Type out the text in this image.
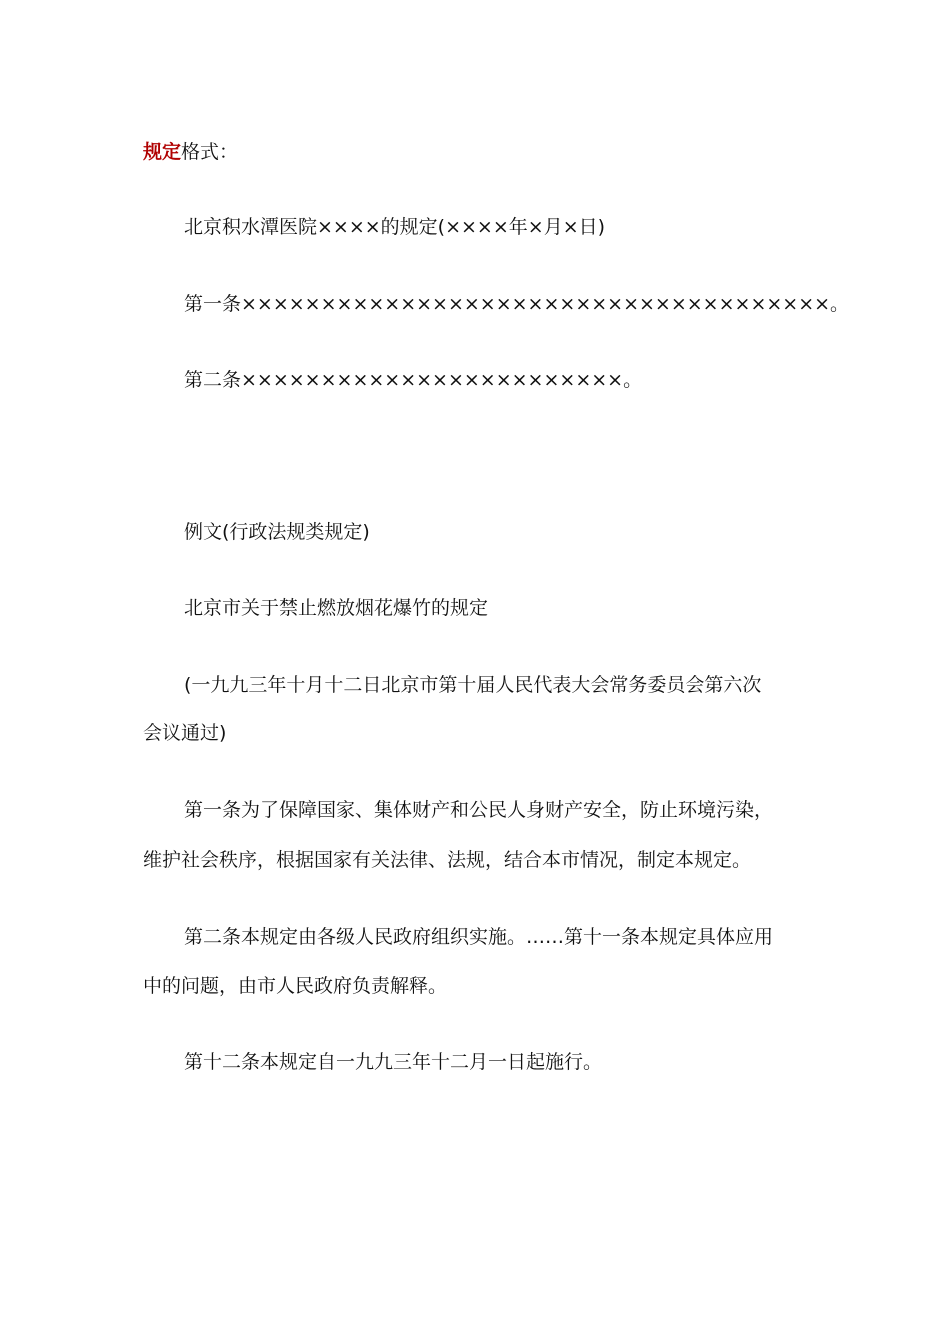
规定格式：
北京积水潭医院××××的规定(××××年×月×日)
第一条×××××××××××××××××××××××××××××××××××××。
第二条××××××××××××××××××××××××。
例文(行政法规类规定)
北京市关于禁止燃放烟花爆竹的规定
(一九九三年十月十二日北京市第十届人民代表大会常务委员会第六次
会议通过)
第一条为了保障国家、集体财产和公民人身财产安全，防止环境污染，
维护社会秩序，根据国家有关法律、法规，结合本市情况，制定本规定。
第二条本规定由各级人民政府组织实施。……第十一条本规定具体应用
中的问题，由市人民政府负责解释。
第十二条本规定自一九九三年十二月一日起施行。
